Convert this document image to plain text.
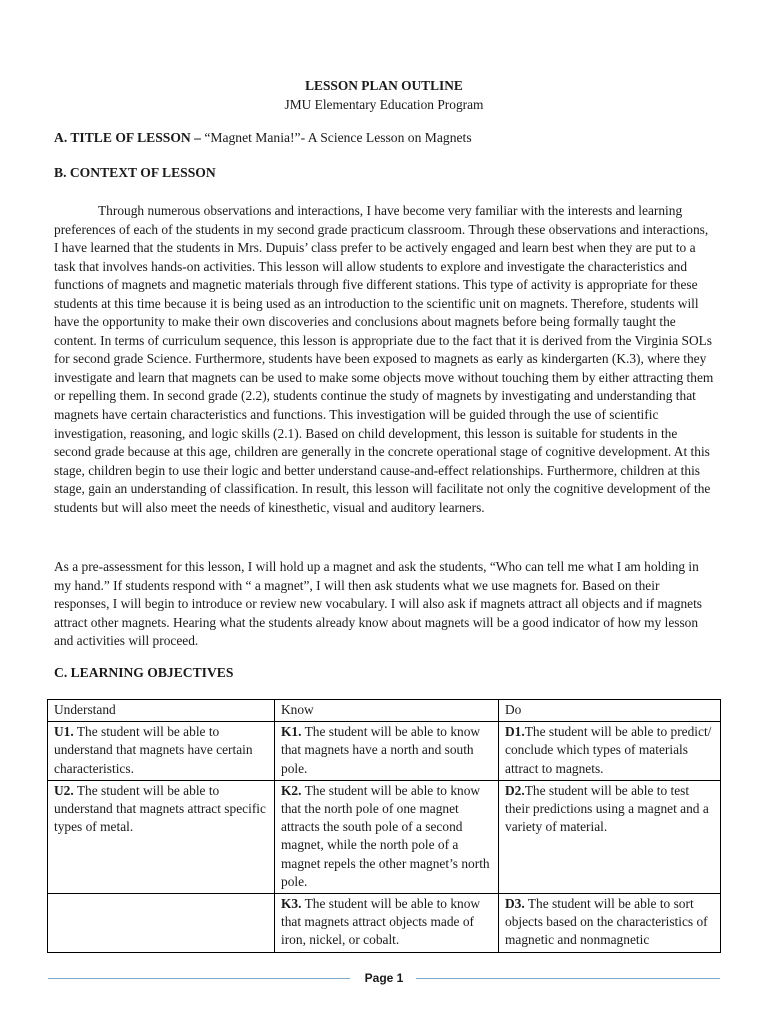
LESSON PLAN OUTLINE
JMU Elementary Education Program
A. TITLE OF LESSON – “Magnet Mania!”- A Science Lesson on Magnets
B. CONTEXT OF LESSON

Through numerous observations and interactions, I have become very familiar with the interests and learning preferences of each of the students in my second grade practicum classroom. Through these observations and interactions, I have learned that the students in Mrs. Dupuis’ class prefer to be actively engaged and learn best when they are put to a task that involves hands-on activities. This lesson will allow students to explore and investigate the characteristics and functions of magnets and magnetic materials through five different stations. This type of activity is appropriate for these students at this time because it is being used as an introduction to the scientific unit on magnets. Therefore, students will have the opportunity to make their own discoveries and conclusions about magnets before being formally taught the content. In terms of curriculum sequence, this lesson is appropriate due to the fact that it is derived from the Virginia SOLs for second grade Science. Furthermore, students have been exposed to magnets as early as kindergarten (K.3), where they investigate and learn that magnets can be used to make some objects move without touching them by either attracting them or repelling them. In second grade (2.2), students continue the study of magnets by investigating and understanding that magnets have certain characteristics and functions. This investigation will be guided through the use of scientific investigation, reasoning, and logic skills (2.1). Based on child development, this lesson is suitable for students in the second grade because at this age, children are generally in the concrete operational stage of cognitive development. At this stage, children begin to use their logic and better understand cause-and-effect relationships. Furthermore, children at this stage, gain an understanding of classification. In result, this lesson will facilitate not only the cognitive development of the students but will also meet the needs of kinesthetic, visual and auditory learners.

As a pre-assessment for this lesson, I will hold up a magnet and ask the students, “Who can tell me what I am holding in my hand.” If students respond with “ a magnet”, I will then ask students what we use magnets for. Based on their responses, I will begin to introduce or review new vocabulary. I will also ask if magnets attract all objects and if magnets attract other magnets. Hearing what the students already know about magnets will be a good indicator of how my lesson and activities will proceed.

C. LEARNING OBJECTIVES
Understand	Know	Do
U1. The student will be able to understand that magnets have certain characteristics.	K1. The student will be able to know that magnets have a north and south pole.	D1.The student will be able to predict/ conclude which types of materials attract to magnets.
U2. The student will be able to understand that magnets attract specific types of metal.	K2. The student will be able to know that the north pole of one magnet attracts the south pole of a second magnet, while the north pole of a magnet repels the other magnet’s north pole.	D2.The student will be able to test their predictions using a magnet and a variety of material.
	K3. The student will be able to know that magnets attract objects made of iron, nickel, or cobalt.	D3. The student will be able to sort objects based on the characteristics of magnetic and nonmagnetic
Page 1
